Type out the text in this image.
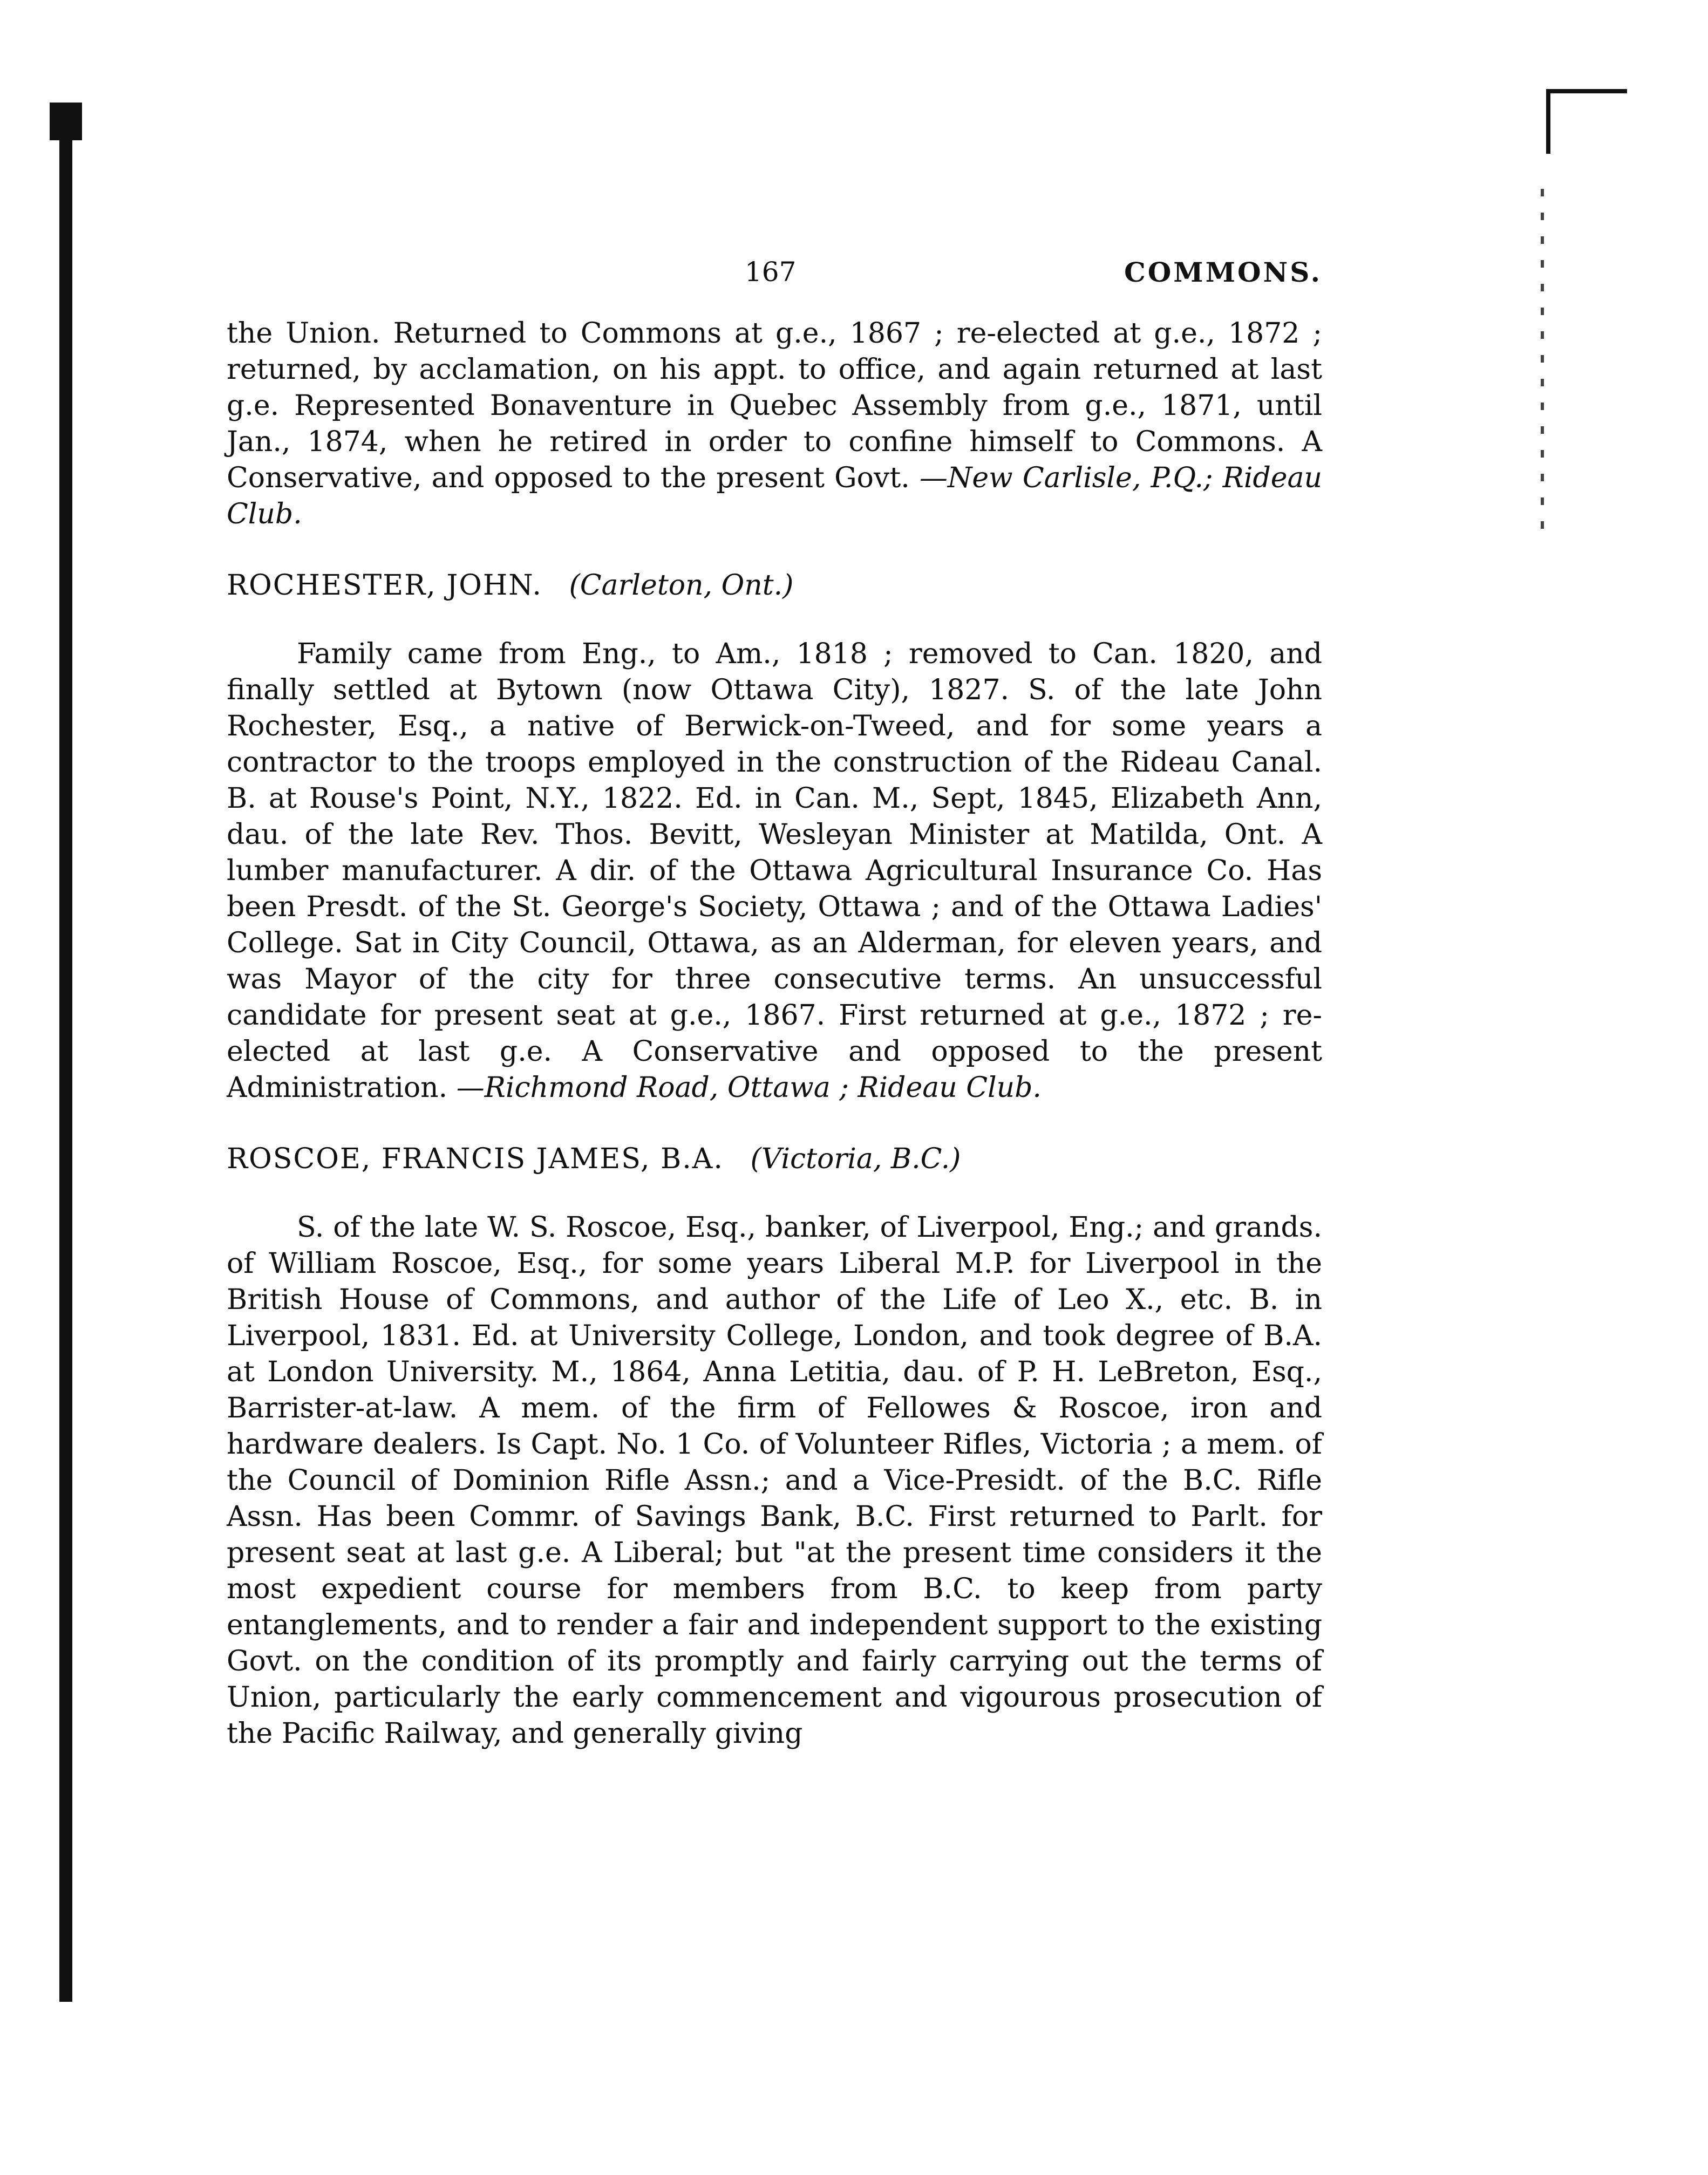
167	COMMONS.

the Union. Returned to Commons at g.e., 1867 ; re-elected at g.e., 1872 ; returned, by acclamation, on his appt. to office, and again returned at last g.e. Represented Bonaventure in Quebec Assembly from g.e., 1871, until Jan., 1874, when he retired in order to confine himself to Commons. A Conservative, and opposed to the present Govt. —New Carlisle, P.Q.; Rideau Club.

ROCHESTER, JOHN. (Carleton, Ont.)

Family came from Eng., to Am., 1818 ; removed to Can. 1820, and finally settled at Bytown (now Ottawa City), 1827. S. of the late John Rochester, Esq., a native of Berwick-on-Tweed, and for some years a contractor to the troops employed in the construction of the Rideau Canal. B. at Rouse's Point, N.Y., 1822. Ed. in Can. M., Sept, 1845, Elizabeth Ann, dau. of the late Rev. Thos. Bevitt, Wesleyan Minister at Matilda, Ont. A lumber manufacturer. A dir. of the Ottawa Agricultural Insurance Co. Has been Presdt. of the St. George's Society, Ottawa ; and of the Ottawa Ladies' College. Sat in City Council, Ottawa, as an Alderman, for eleven years, and was Mayor of the city for three consecutive terms. An unsuccessful candidate for present seat at g.e., 1867. First returned at g.e., 1872 ; re-elected at last g.e. A Conservative and opposed to the present Administration. —Richmond Road, Ottawa ; Rideau Club.

ROSCOE, FRANCIS JAMES, B.A. (Victoria, B.C.)

S. of the late W. S. Roscoe, Esq., banker, of Liverpool, Eng.; and grands. of William Roscoe, Esq., for some years Liberal M.P. for Liverpool in the British House of Commons, and author of the Life of Leo X., etc. B. in Liverpool, 1831. Ed. at University College, London, and took degree of B.A. at London University. M., 1864, Anna Letitia, dau. of P. H. LeBreton, Esq., Barrister-at-law. A mem. of the firm of Fellowes & Roscoe, iron and hardware dealers. Is Capt. No. 1 Co. of Volunteer Rifles, Victoria ; a mem. of the Council of Dominion Rifle Assn.; and a Vice-Presidt. of the B.C. Rifle Assn. Has been Commr. of Savings Bank, B.C. First returned to Parlt. for present seat at last g.e. A Liberal; but "at the present time considers it the most expedient course for members from B.C. to keep from party entanglements, and to render a fair and independent support to the existing Govt. on the condition of its promptly and fairly carrying out the terms of Union, particularly the early commencement and vigourous prosecution of the Pacific Railway, and generally giving
